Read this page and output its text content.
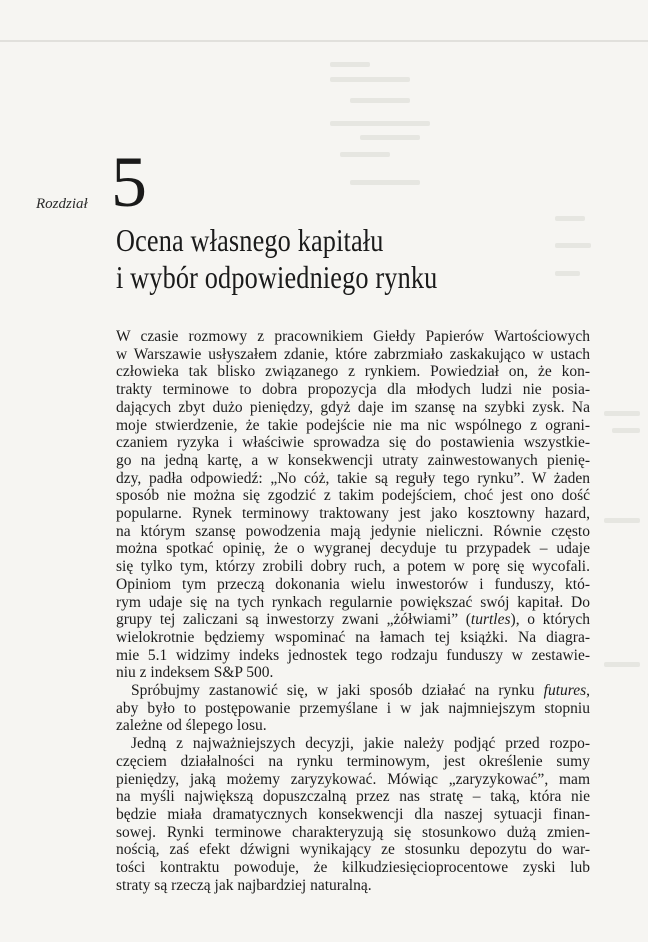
Rozdział 5
Ocena własnego kapitału
i wybór odpowiedniego rynku
W czasie rozmowy z pracownikiem Giełdy Papierów Wartościowych
w Warszawie usłyszałem zdanie, które zabrzmiało zaskakująco w ustach
człowieka tak blisko związanego z rynkiem. Powiedział on, że kon-
trakty terminowe to dobra propozycja dla młodych ludzi nie posia-
dających zbyt dużo pieniędzy, gdyż daje im szansę na szybki zysk. Na
moje stwierdzenie, że takie podejście nie ma nic wspólnego z ograni-
czaniem ryzyka i właściwie sprowadza się do postawienia wszystkie-
go na jedną kartę, a w konsekwencji utraty zainwestowanych pienię-
dzy, padła odpowiedź: „No cóż, takie są reguły tego rynku”. W żaden
sposób nie można się zgodzić z takim podejściem, choć jest ono dość
popularne. Rynek terminowy traktowany jest jako kosztowny hazard,
na którym szansę powodzenia mają jedynie nieliczni. Równie często
można spotkać opinię, że o wygranej decyduje tu przypadek – udaje
się tylko tym, którzy zrobili dobry ruch, a potem w porę się wycofali.
Opiniom tym przeczą dokonania wielu inwestorów i funduszy, któ-
rym udaje się na tych rynkach regularnie powiększać swój kapitał. Do
grupy tej zaliczani są inwestorzy zwani „żółwiami” (turtles), o których
wielokrotnie będziemy wspominać na łamach tej książki. Na diagra-
mie 5.1 widzimy indeks jednostek tego rodzaju funduszy w zestawie-
niu z indeksem S&P 500.
Spróbujmy zastanowić się, w jaki sposób działać na rynku futures,
aby było to postępowanie przemyślane i w jak najmniejszym stopniu
zależne od ślepego losu.
Jedną z najważniejszych decyzji, jakie należy podjąć przed rozpo-
częciem działalności na rynku terminowym, jest określenie sumy
pieniędzy, jaką możemy zaryzykować. Mówiąc „zaryzykować”, mam
na myśli największą dopuszczalną przez nas stratę – taką, która nie
będzie miała dramatycznych konsekwencji dla naszej sytuacji finan-
sowej. Rynki terminowe charakteryzują się stosunkowo dużą zmien-
nością, zaś efekt dźwigni wynikający ze stosunku depozytu do war-
tości kontraktu powoduje, że kilkudziesięcioprocentowe zyski lub
straty są rzeczą jak najbardziej naturalną.
